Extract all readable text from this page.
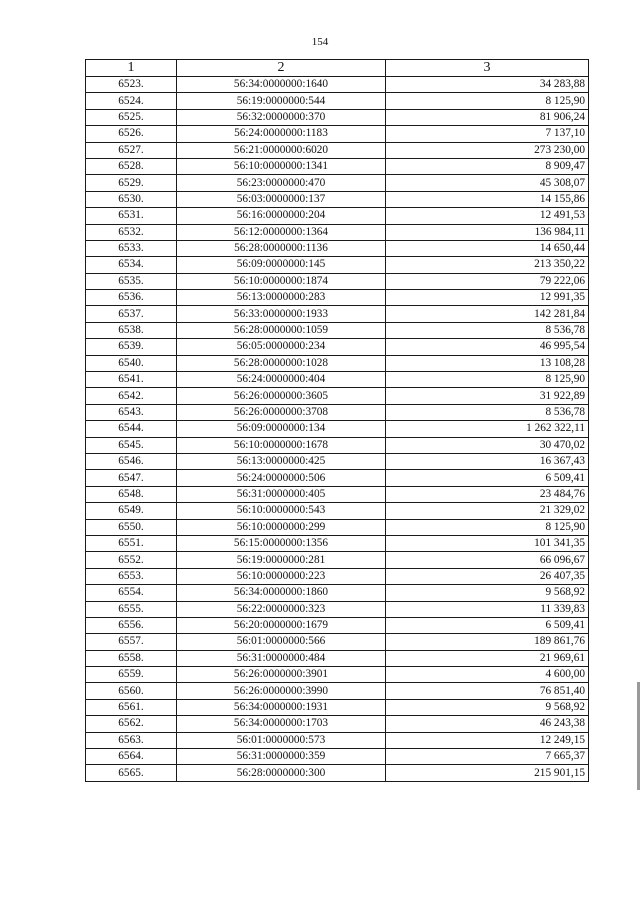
154
1	2	3
6523.	56:34:0000000:1640	34 283,88
6524.	56:19:0000000:544	8 125,90
6525.	56:32:0000000:370	81 906,24
6526.	56:24:0000000:1183	7 137,10
6527.	56:21:0000000:6020	273 230,00
6528.	56:10:0000000:1341	8 909,47
6529.	56:23:0000000:470	45 308,07
6530.	56:03:0000000:137	14 155,86
6531.	56:16:0000000:204	12 491,53
6532.	56:12:0000000:1364	136 984,11
6533.	56:28:0000000:1136	14 650,44
6534.	56:09:0000000:145	213 350,22
6535.	56:10:0000000:1874	79 222,06
6536.	56:13:0000000:283	12 991,35
6537.	56:33:0000000:1933	142 281,84
6538.	56:28:0000000:1059	8 536,78
6539.	56:05:0000000:234	46 995,54
6540.	56:28:0000000:1028	13 108,28
6541.	56:24:0000000:404	8 125,90
6542.	56:26:0000000:3605	31 922,89
6543.	56:26:0000000:3708	8 536,78
6544.	56:09:0000000:134	1 262 322,11
6545.	56:10:0000000:1678	30 470,02
6546.	56:13:0000000:425	16 367,43
6547.	56:24:0000000:506	6 509,41
6548.	56:31:0000000:405	23 484,76
6549.	56:10:0000000:543	21 329,02
6550.	56:10:0000000:299	8 125,90
6551.	56:15:0000000:1356	101 341,35
6552.	56:19:0000000:281	66 096,67
6553.	56:10:0000000:223	26 407,35
6554.	56:34:0000000:1860	9 568,92
6555.	56:22:0000000:323	11 339,83
6556.	56:20:0000000:1679	6 509,41
6557.	56:01:0000000:566	189 861,76
6558.	56:31:0000000:484	21 969,61
6559.	56:26:0000000:3901	4 600,00
6560.	56:26:0000000:3990	76 851,40
6561.	56:34:0000000:1931	9 568,92
6562.	56:34:0000000:1703	46 243,38
6563.	56:01:0000000:573	12 249,15
6564.	56:31:0000000:359	7 665,37
6565.	56:28:0000000:300	215 901,15
